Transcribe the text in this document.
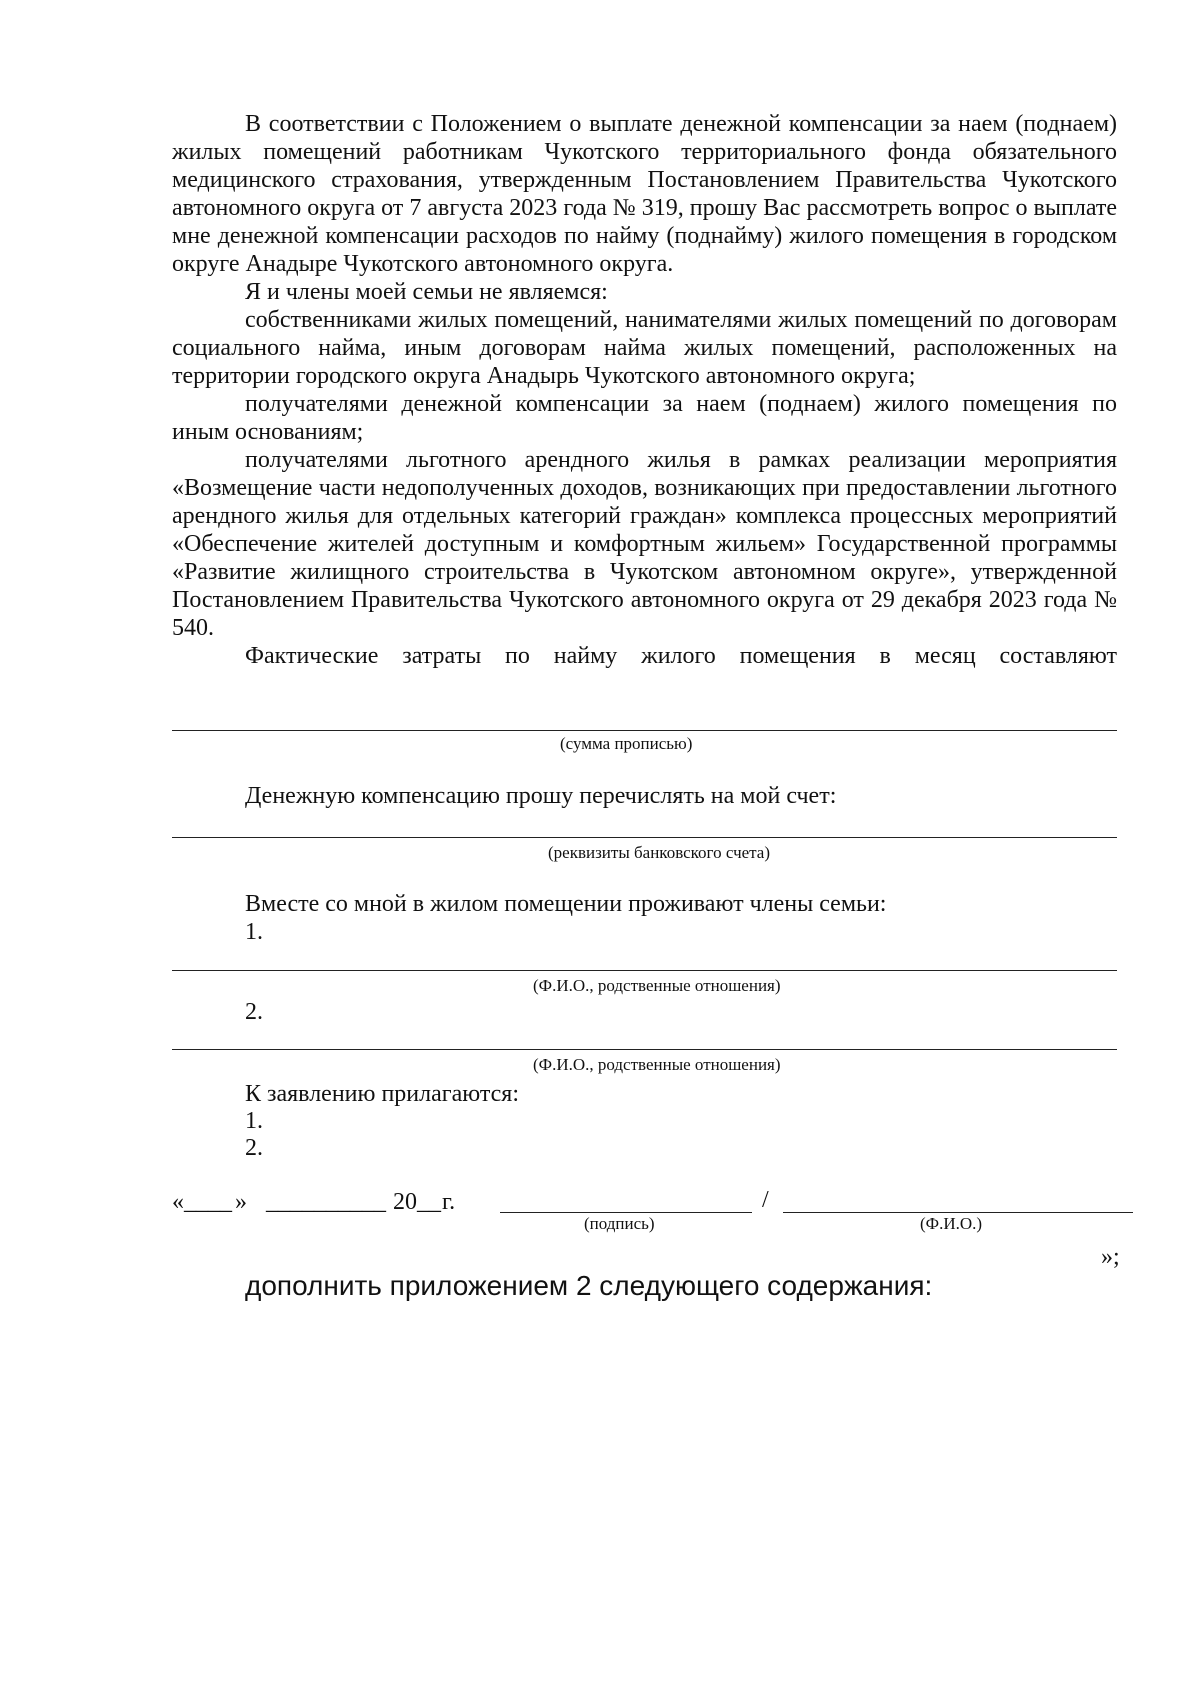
В соответствии с Положением о выплате денежной компенсации за наем (поднаем) жилых помещений работникам Чукотского территориального фонда обязательного медицинского страхования, утвержденным Постановлением Правительства Чукотского автономного округа от 7 августа 2023 года № 319, прошу Вас рассмотреть вопрос о выплате мне денежной компенсации расходов по найму (поднайму) жилого помещения в городском округе Анадыре Чукотского автономного округа.

Я и члены моей семьи не являемся:

собственниками жилых помещений, нанимателями жилых помещений по договорам социального найма, иным договорам найма жилых помещений, расположенных на территории городского округа Анадырь Чукотского автономного округа;

получателями денежной компенсации за наем (поднаем) жилого помещения по иным основаниям;

получателями льготного арендного жилья в рамках реализации мероприятия «Возмещение части недополученных доходов, возникающих при предоставлении льготного арендного жилья для отдельных категорий граждан» комплекса процессных мероприятий «Обеспечение жителей доступным и комфортным жильем» Государственной программы «Развитие жилищного строительства в Чукотском автономном округе», утвержденной Постановлением Правительства Чукотского автономного округа от 29 декабря 2023 года № 540.

Фактические затраты по найму жилого помещения в месяц составляют

(сумма прописью)
Денежную компенсацию прошу перечислять на мой счет:
(реквизиты банковского счета)
Вместе со мной в жилом помещении проживают члены семьи:
1.
(Ф.И.О., родственные отношения)
2.
(Ф.И.О., родственные отношения)
К заявлению прилагаются:
1.
2.
« ____ » __________ 20 __ г.	/
(подпись)	(Ф.И.О.)
»;
дополнить приложением 2 следующего содержания:
